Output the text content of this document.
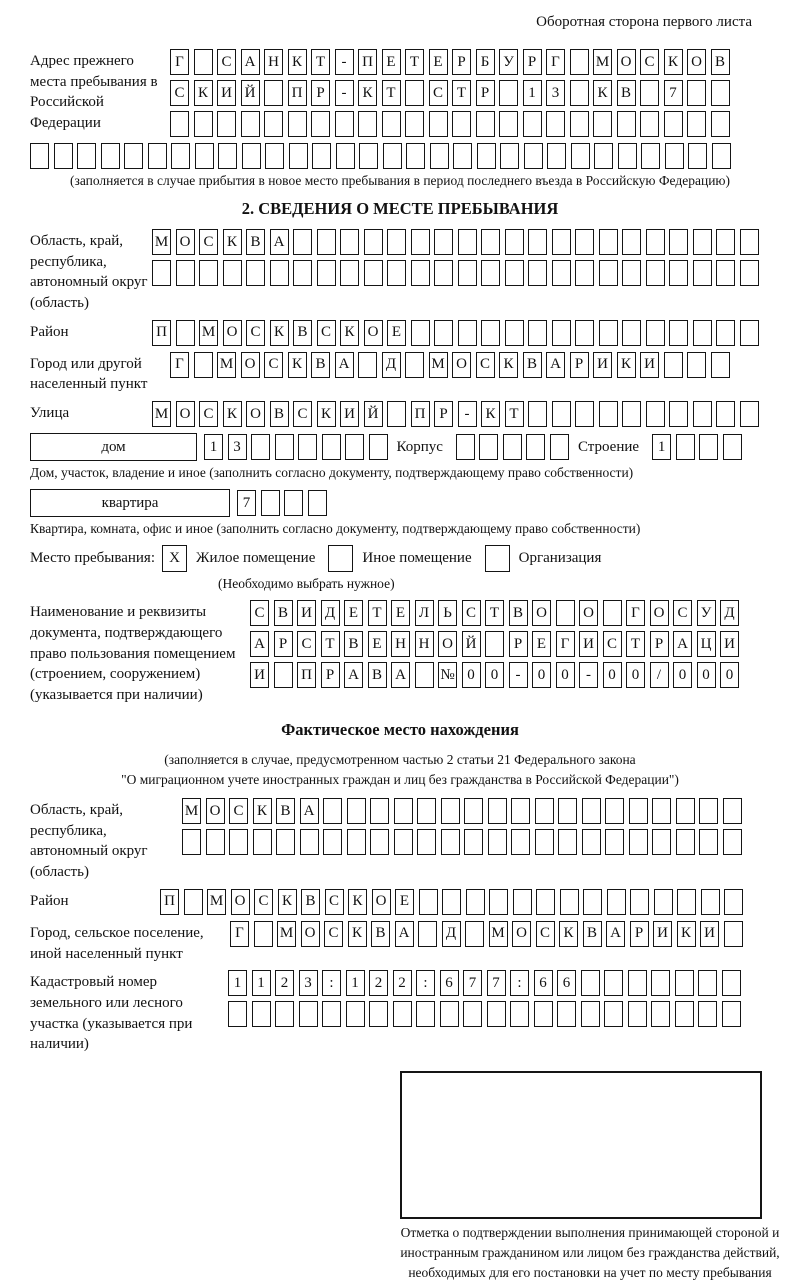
Оборотная сторона первого листа
Адрес прежнего места пребывания в Российской Федерации
Г	С А Н К Т	-	П Е Т Е Р	Б У Р Г	М О С К О В
С К И Й П Р	-	К Т	С Т Р	1	3	К В	7
(заполняется в случае прибытия в новое место пребывания в период последнего въезда в Российскую Федерацию)
2. СВЕДЕНИЯ О МЕСТЕ ПРЕБЫВАНИЯ
Область, край, республика, автономный округ (область)
М О С К В А
Район	П М О С К В С К О Е
Город или другой населенный пункт
Г	М О С К В А Д М О С К В А Р И К И
Улица	М О С К О В С К И Й П Р	-	К Т
дом	1	3	Корпус	Строение	1
Дом, участок, владение и иное (заполнить согласно документу, подтверждающему право собственности)
квартира	7
Квартира, комната, офис и иное (заполнить согласно документу, подтверждающему право собственности)
Место пребывания: X	Жилое помещение	Иное помещение	Организация
(Необходимо выбрать нужное)
Наименование и реквизиты документа, подтверждающего право пользования помещением (строением, сооружением) (указывается при наличии)
С В И Д Е Т Е Л Ь С Т В О О	Г О С У Д
А Р С Т В Е Н Н О Й	Р Е Г И С Т Р А Ц И
И П Р А В А № 0	0	-	0	0	-	0	0	/	0	0	0
Фактическое место нахождения
(заполняется в случае, предусмотренном частью 2 статьи 21 Федерального закона
"О миграционном учете иностранных граждан и лиц без гражданства в Российской Федерации")
Область, край, республика, автономный округ (область)
М О С К В А
Район	П М О С К В С К О Е
Город, сельское поселение, иной населенный пункт
Г	М О С К В А Д М О С К В А Р И К И
Кадастровый номер земельного или лесного участка (указывается при наличии)
1	1	2	3	:	1	2	2	:	6	7	7	:	6	6
Отметка о подтверждении выполнения принимающей стороной и иностранным гражданином или лицом без гражданства действий, необходимых для его постановки на учет по месту пребывания
